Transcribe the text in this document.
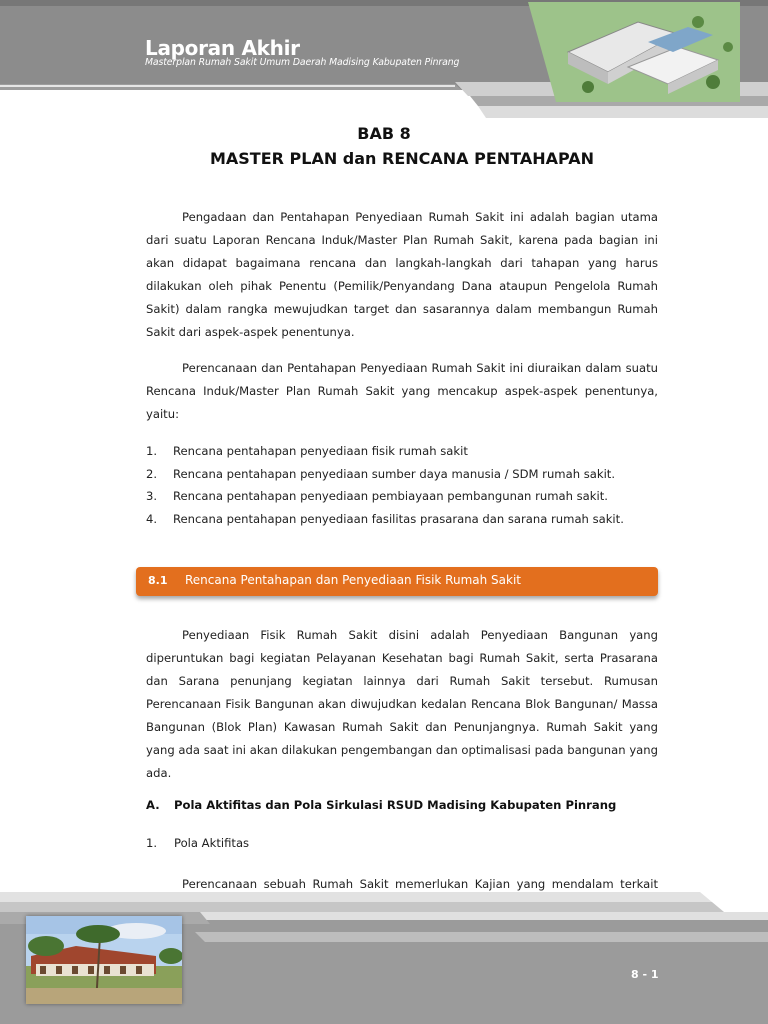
Laporan Akhir
Masterplan Rumah Sakit Umum Daerah Madising Kabupaten Pinrang
BAB 8
MASTER PLAN dan RENCANA PENTAHAPAN

Pengadaan dan Pentahapan Penyediaan Rumah Sakit ini adalah bagian utama dari suatu Laporan Rencana Induk/Master Plan Rumah Sakit, karena pada bagian ini akan didapat bagaimana rencana dan langkah-langkah dari tahapan yang harus dilakukan oleh pihak Penentu (Pemilik/Penyandang Dana ataupun Pengelola Rumah Sakit) dalam rangka mewujudkan target dan sasarannya dalam membangun Rumah Sakit dari aspek-aspek penentunya.

Perencanaan dan Pentahapan Penyediaan Rumah Sakit ini diuraikan dalam suatu Rencana Induk/Master Plan Rumah Sakit yang mencakup aspek-aspek penentunya, yaitu:

1. Rencana pentahapan penyediaan fisik rumah sakit
2. Rencana pentahapan penyediaan sumber daya manusia / SDM rumah sakit.
3. Rencana pentahapan penyediaan pembiayaan pembangunan rumah sakit.
4. Rencana pentahapan penyediaan fasilitas prasarana dan sarana rumah sakit.
8.1 Rencana Pentahapan dan Penyediaan Fisik Rumah Sakit

Penyediaan Fisik Rumah Sakit disini adalah Penyediaan Bangunan yang diperuntukan bagi kegiatan Pelayanan Kesehatan bagi Rumah Sakit, serta Prasarana dan Sarana penunjang kegiatan lainnya dari Rumah Sakit tersebut. Rumusan Perencanaan Fisik Bangunan akan diwujudkan kedalan Rencana Blok Bangunan/ Massa Bangunan (Blok Plan) Kawasan Rumah Sakit dan Penunjangnya. Rumah Sakit yang yang ada saat ini akan dilakukan pengembangan dan optimalisasi pada bangunan yang ada.

A. Pola Aktifitas dan Pola Sirkulasi RSUD Madising Kabupaten Pinrang
1. Pola Aktifitas

Perencanaan sebuah Rumah Sakit memerlukan Kajian yang mendalam terkait

8 - 1
